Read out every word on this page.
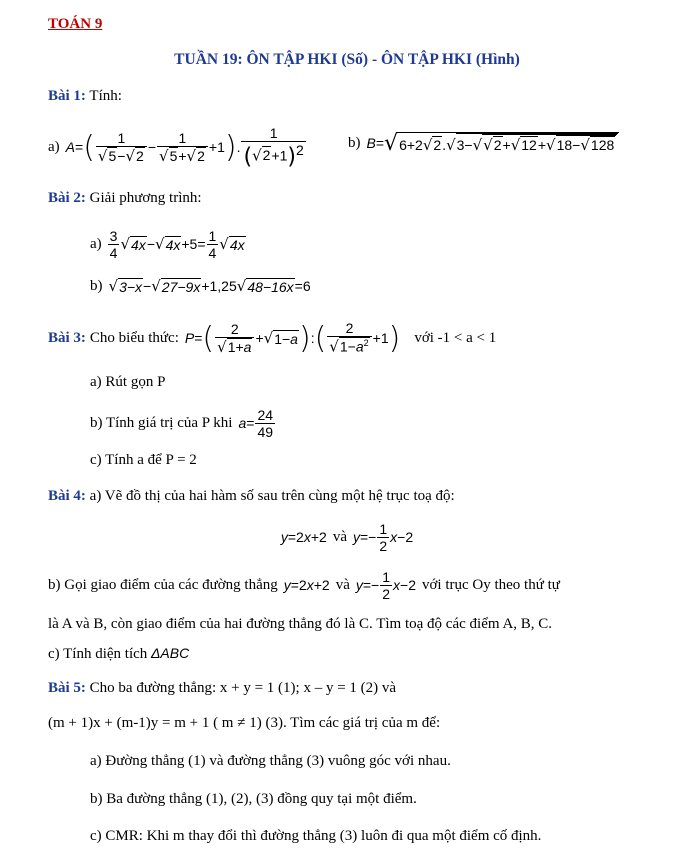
TOÁN 9
TUẦN 19: ÔN TẬP HKI (Số) - ÔN TẬP HKI (Hình)
Bài 1: Tính:
a) A = ( $\frac{1}{√5-√2} - \frac{1}{√5+√2} +1$ ) . $\frac{1}{(√2+1)^2}$	b) B = √ 6+2√2.√3−√√2+√12+√18−√128
Bài 2: Giải phương trình:
$a) \frac{3}{4}$ √ 4x − √ $4x +5= \frac{1}{4}$ √ 4x
b) √ 3−x − √ 27−9x +1,25 √ 48−16x =6
Bài 3: Cho biểu thức: P = ( $\frac{2}{√1+a}$ + √ 1−a ) : ( $\frac{2}{√1-a^2} +1$ ) với -1 < a < 1
a) Rút gọn P
b) Tính giá trị của P khi $a = \frac{24}{49}$
c) Tính a để P = 2
Bài 4: a) Vẽ đồ thị của hai hàm số sau trên cùng một hệ trục toạ độ:
y =2 x +2 và $y =- \frac{1}{2}$ x −2
b) Gọi giao điểm của các đường thẳng y =2 x +2 và $y =- \frac{1}{2}$ x −2 với trục Oy theo thứ tự
là A và B, còn giao điểm của hai đường thẳng đó là C. Tìm toạ độ các điểm A, B, C.
c) Tính diện tích ΔABC
Bài 5: Cho ba đường thẳng: x + y = 1 (1); x – y = 1 (2) và
(m + 1)x + (m-1)y = m + 1 ( m ≠ 1) (3). Tìm các giá trị của m để:
a) Đường thẳng (1) và đường thẳng (3) vuông góc với nhau.
b) Ba đường thẳng (1), (2), (3) đồng quy tại một điểm.
c) CMR: Khi m thay đổi thì đường thẳng (3) luôn đi qua một điểm cố định.
